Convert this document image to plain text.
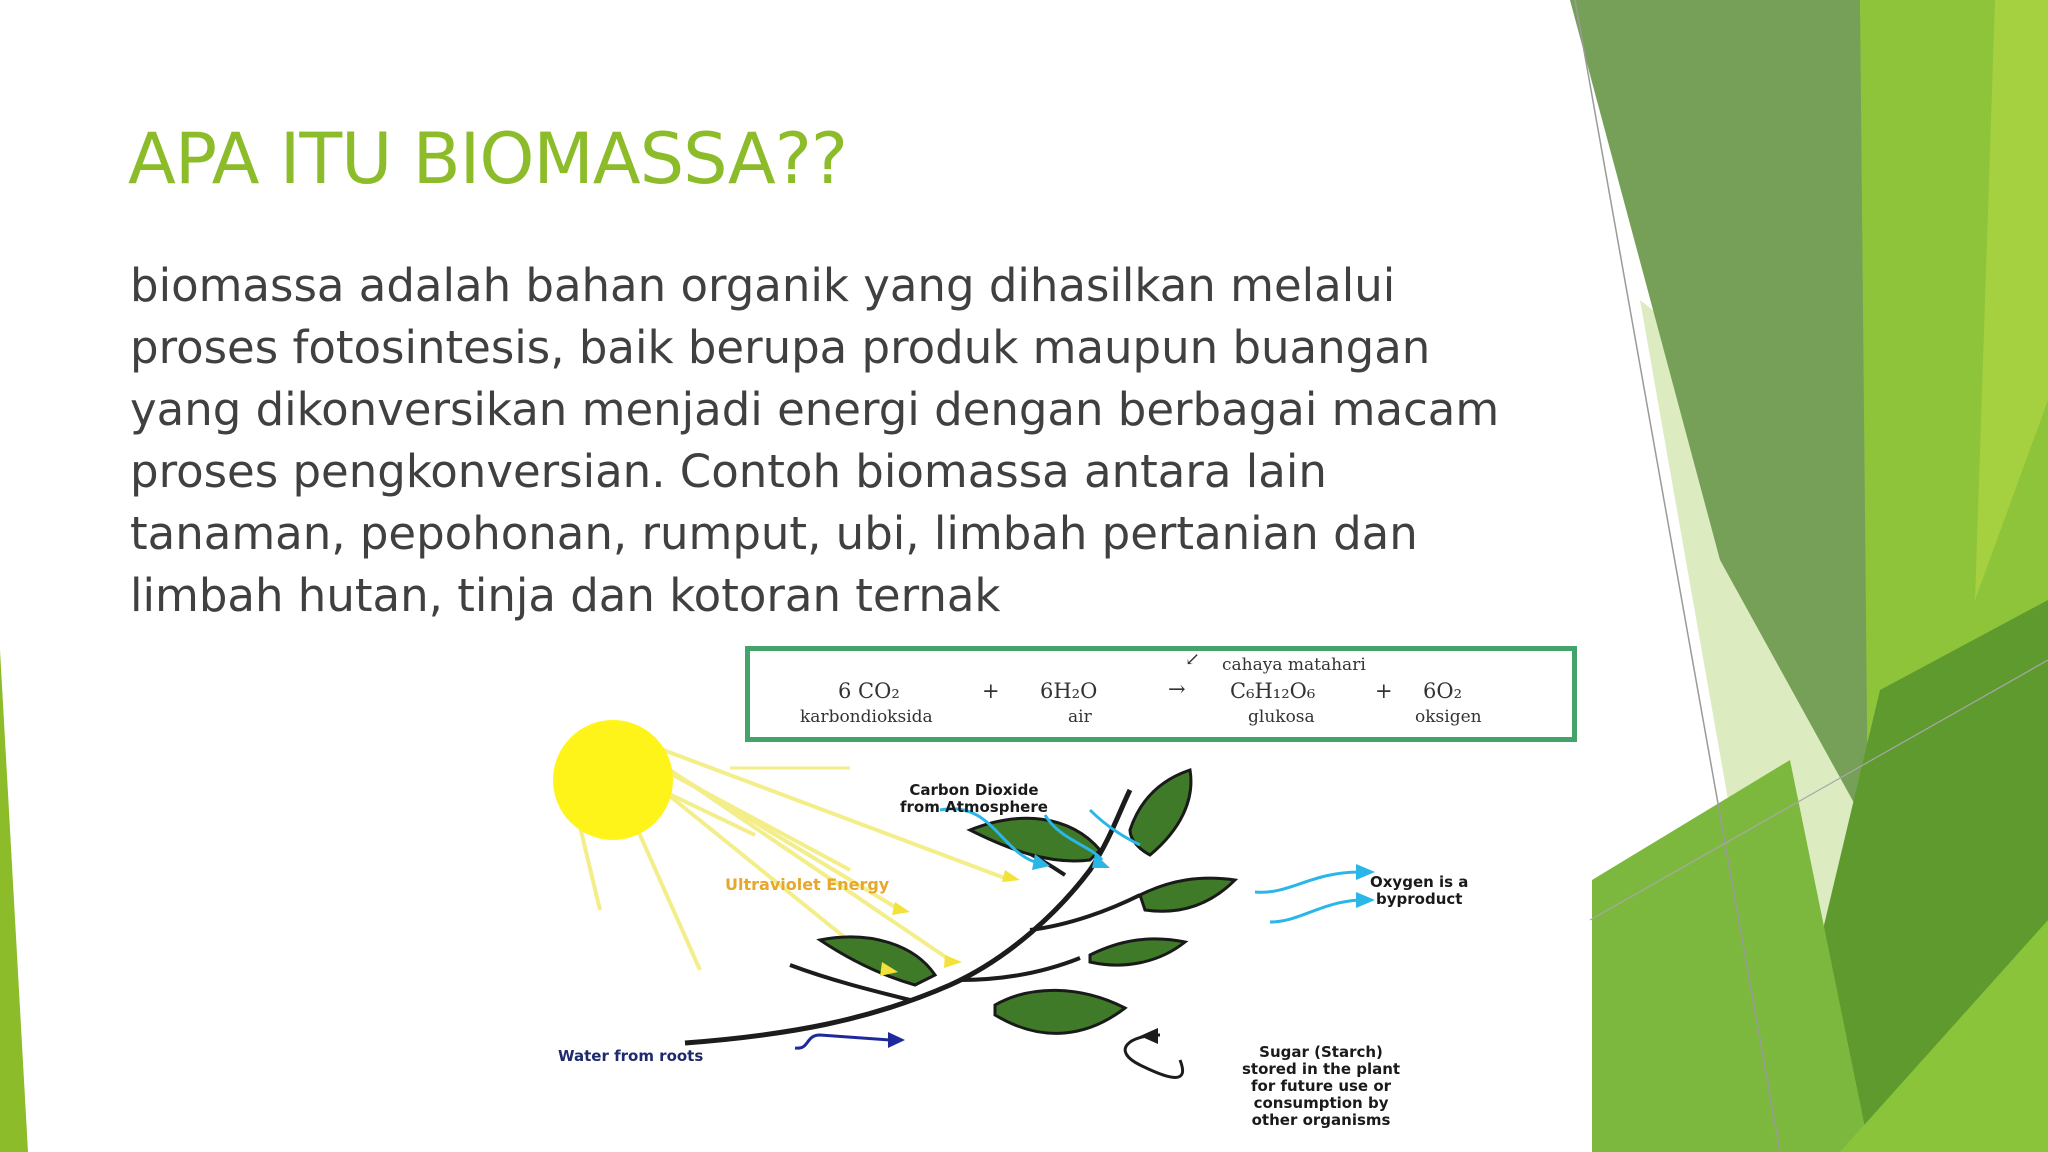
APA ITU BIOMASSA??

biomassa adalah bahan organik yang dihasilkan melalui proses fotosintesis, baik berupa produk maupun buangan yang dikonversikan menjadi energi dengan berbagai macam proses pengkonversian. Contoh biomassa antara lain tanaman, pepohonan, rumput, ubi, limbah pertanian dan limbah hutan, tinja dan kotoran ternak

cahaya matahari
↙
6 CO₂	+ 6H₂O	→ C₆H₁₂O₆	+ 6O₂
karbondioksida	air	glukosa	oksigen
Carbon Dioxide
from Atmosphere
Ultraviolet Energy	Oxygen is a
byproduct
Water from roots	Sugar (Starch)
stored in the plant
for future use or
consumption by
other organisms
